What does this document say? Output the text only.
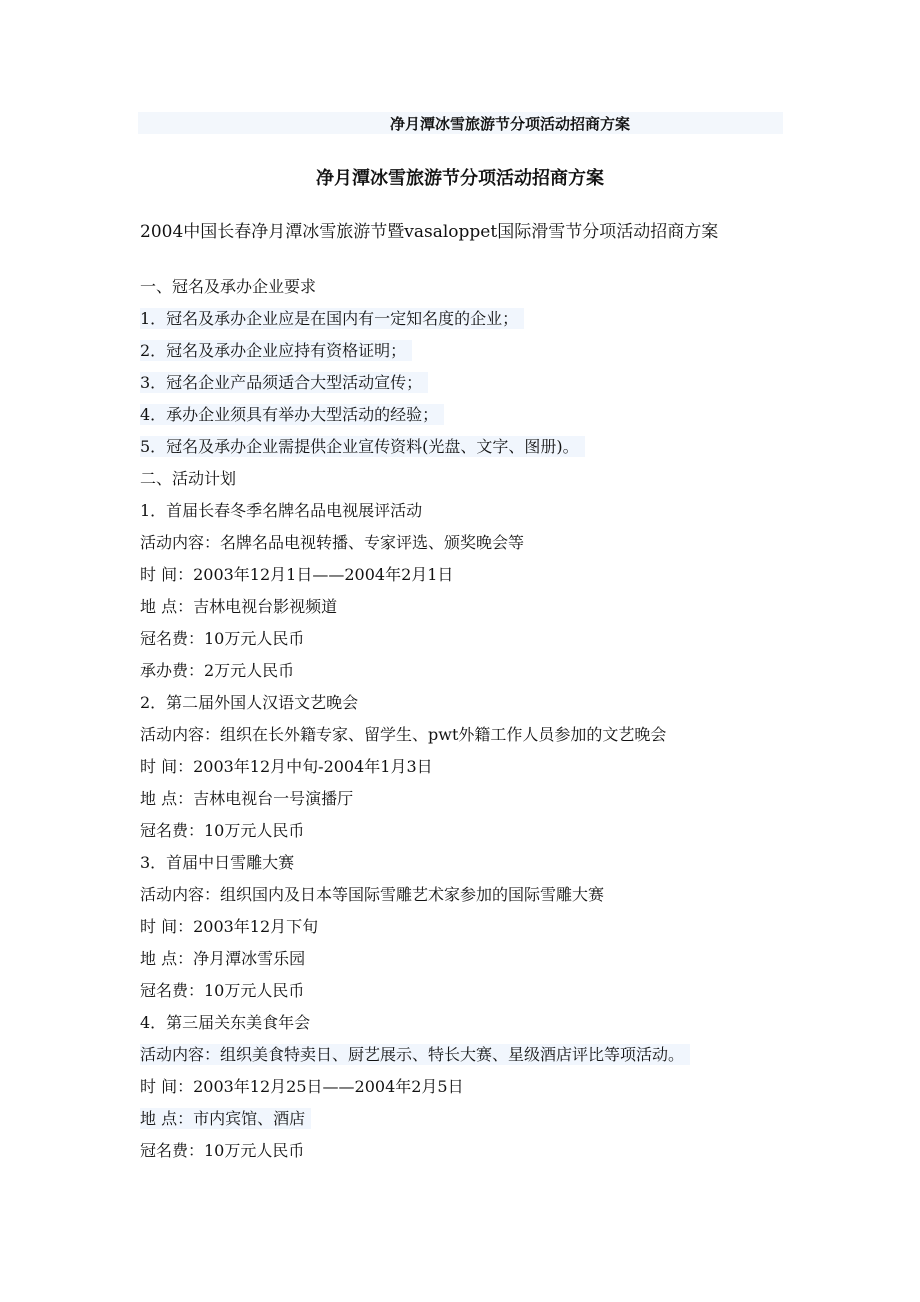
净月潭冰雪旅游节分项活动招商方案
净月潭冰雪旅游节分项活动招商方案
2004中国长春净月潭冰雪旅游节暨vasaloppet国际滑雪节分项活动招商方案
一、冠名及承办企业要求
1．冠名及承办企业应是在国内有一定知名度的企业；
2．冠名及承办企业应持有资格证明；
3．冠名企业产品须适合大型活动宣传；
4．承办企业须具有举办大型活动的经验；
5．冠名及承办企业需提供企业宣传资料(光盘、文字、图册)。
二、活动计划
1．首届长春冬季名牌名品电视展评活动
活动内容：名牌名品电视转播、专家评选、颁奖晚会等
时 间：2003年12月1日——2004年2月1日
地 点：吉林电视台影视频道
冠名费：10万元人民币
承办费：2万元人民币
2．第二届外国人汉语文艺晚会
活动内容：组织在长外籍专家、留学生、pwt外籍工作人员参加的文艺晚会
时 间：2003年12月中旬-2004年1月3日
地 点：吉林电视台一号演播厅
冠名费：10万元人民币
3．首届中日雪雕大赛
活动内容：组织国内及日本等国际雪雕艺术家参加的国际雪雕大赛
时 间：2003年12月下旬
地 点：净月潭冰雪乐园
冠名费：10万元人民币
4．第三届关东美食年会
活动内容：组织美食特卖日、厨艺展示、特长大赛、星级酒店评比等项活动。
时 间：2003年12月25日——2004年2月5日
地 点：市内宾馆、酒店
冠名费：10万元人民币
